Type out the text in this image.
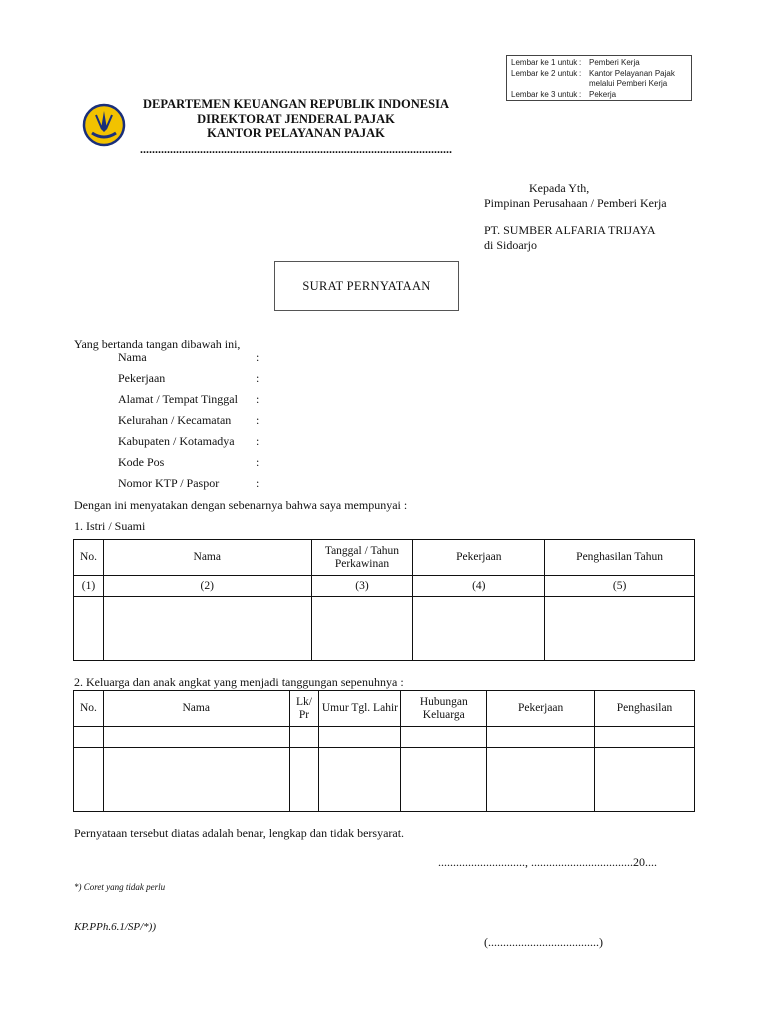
Lembar ke 1 untuk : Pemberi Kerja
Lembar ke 2 untuk : Kantor Pelayanan Pajak
melalui Pemberi Kerja
Lembar ke 3 untuk : Pekerja
DEPARTEMEN KEUANGAN REPUBLIK INDONESIA
DIREKTORAT JENDERAL PAJAK
KANTOR PELAYANAN PAJAK
........................................................................................................
Kepada Yth,
Pimpinan Perusahaan / Pemberi Kerja
PT. SUMBER ALFARIA TRIJAYA
di Sidoarjo
SURAT PERNYATAAN
Yang bertanda tangan dibawah ini,
Nama	:
Pekerjaan	:
Alamat / Tempat Tinggal :
Kelurahan / Kecamatan :
Kabupaten / Kotamadya :
Kode Pos	:
Nomor KTP / Paspor	:
Dengan ini menyatakan dengan sebenarnya bahwa saya mempunyai :
1. Istri / Suami
No.	Nama	Tanggal / Tahun Perkawinan	Pekerjaan	Penghasilan Tahun
(1)	(2)	(3)	(4)	(5)

2. Keluarga dan anak angkat yang menjadi tanggungan sepenuhnya :
No.	Nama	Lk/ Pr	Umur Tgl. Lahir	Hubungan Keluarga	Pekerjaan	Penghasilan

Pernyataan tersebut diatas adalah benar, lengkap dan tidak bersyarat.
............................., ..................................20....
*) Coret yang tidak perlu
KP.PPh.6.1/SP/*))
(.....................................)
